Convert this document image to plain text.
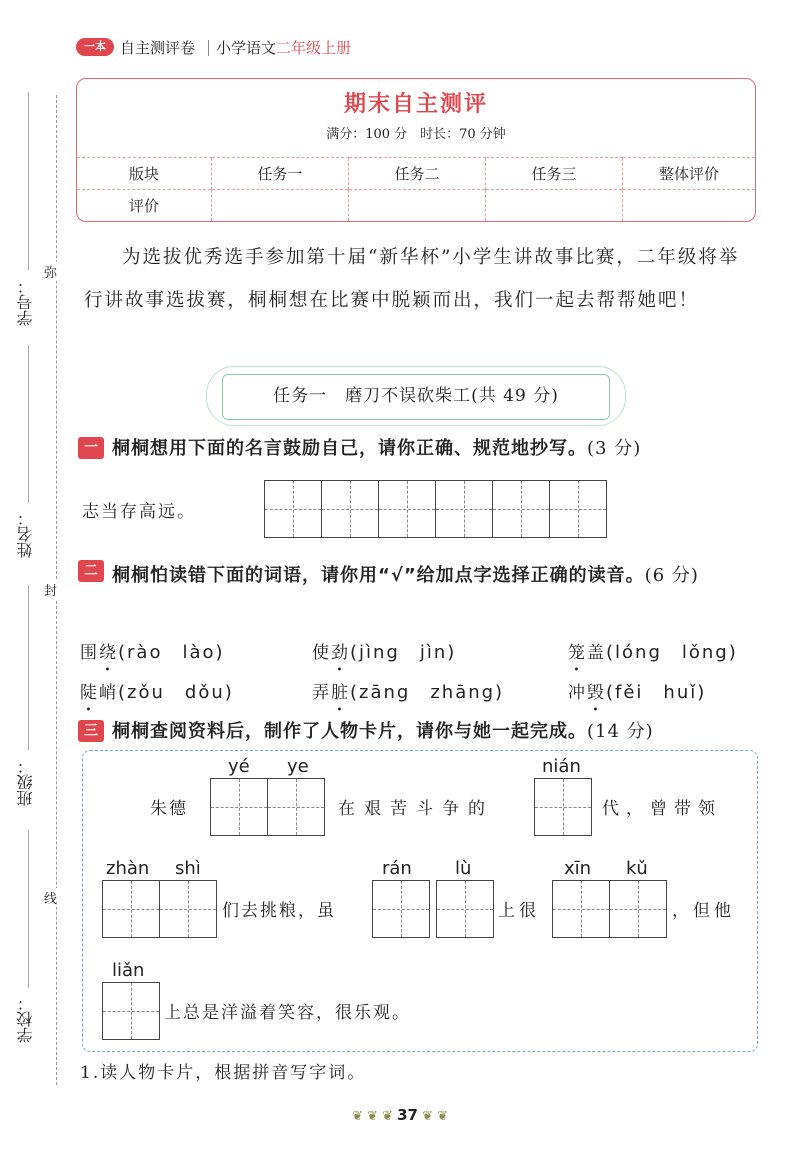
一本 自主测评卷 小学语文二年级上册
学号：
姓名：
班级：
学校：
弥
封
线
期末自主测评
满分：100 分　时长：70 分钟
版块	任务一	任务二	任务三	整体评价
评价				
为选拔优秀选手参加第十届“新华杯”小学生讲故事比赛，二年级将举行讲故事选拔赛，桐桐想在比赛中脱颖而出，我们一起去帮帮她吧！
任务一　磨刀不误砍柴工(共 49 分)
一 桐桐想用下面的名言鼓励自己，请你正确、规范地抄写。(3 分)
志当存高远。
二 桐桐怕读错下面的词语，请你用“√”给加点字选择正确的读音。(6 分)
围绕(rào　lào)	使劲(jìng　jìn)	笼盖(lóng　lǒng)
陡峭(zǒu　dǒu)	弄脏(zāng　zhāng)	冲毁(fěi　huǐ)
三 桐桐查阅资料后，制作了人物卡片，请你与她一起完成。(14 分)
yé ye
朱德	在艰苦斗争的
nián
代，曾带领
zhàn shì
们去挑粮，虽
rán lù
上很
xīn kǔ
，但他
liǎn
上总是洋溢着笑容，很乐观。
1.读人物卡片，根据拼音写字词。
❦ ❦ ❦ 37 ❦ ❦
